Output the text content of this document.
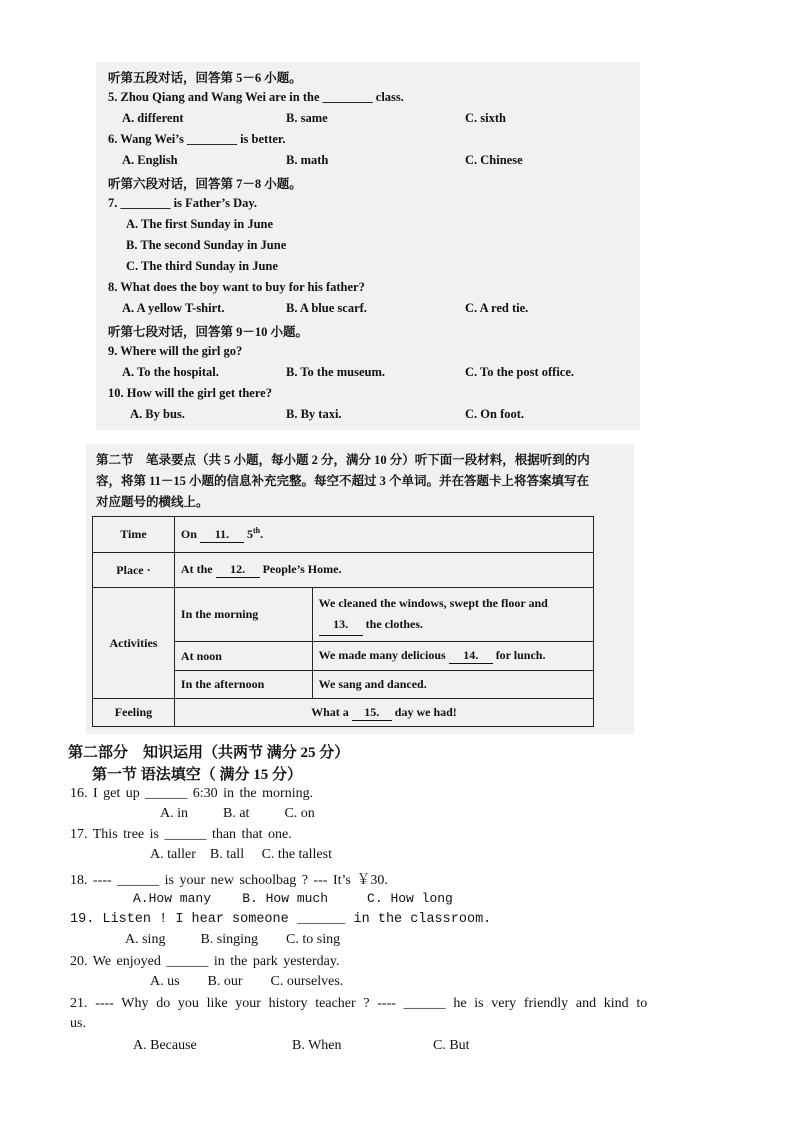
听第五段对话，回答第 5－6 小题。
5. Zhou Qiang and Wang Wei are in the ________ class.
A. different	B. same	C. sixth
6. Wang Wei’s ________ is better.
A. English	B. math	C. Chinese
听第六段对话，回答第 7－8 小题。
7. ________ is Father’s Day.
A. The first Sunday in June
B. The second Sunday in June
C. The third Sunday in June
8. What does the boy want to buy for his father?
A. A yellow T-shirt.	B. A blue scarf.	C. A red tie.
听第七段对话，回答第 9－10 小题。
9. Where will the girl go?
A. To the hospital.	B. To the museum.	C. To the post office.
10. How will the girl get there?
A. By bus.	B. By taxi.	C. On foot.
第二节　笔录要点（共 5 小题，每小题 2 分，满分 10 分）听下面一段材料，根据听到的内
容，将第 11－15 小题的信息补充完整。每空不超过 3 个单词。并在答题卡上将答案填写在
对应题号的横线上。
Time	On 11. 5th.	
Place ·	At the 12. People’s Home.	
Activities	In the morning	We cleaned the windows, swept the floor and
13. the clothes.
	At noon	We made many delicious 14. for lunch.
	In the afternoon	We sang and danced.
Feeling	What a 15. day we had!	
第二部分　知识运用（共两节 满分 25 分）
第一节 语法填空（ 满分 15 分）
16. I get up ______ 6:30 in the morning.
A. in          B. at          C. on
17. This tree is ______ than that one.
A. taller    B. tall     C. the tallest
18. ---- ______ is your new schoolbag ? --- It’s ￥30.
A.How many    B. How much     C. How long
19. Listen ! I hear someone ______ in the classroom.
A. sing          B. singing        C. to sing
20. We enjoyed ______ in the park yesterday.
A. us        B. our        C. ourselves.
21. ---- Why do you like your history teacher ? ---- ______ he is very friendly and kind to
us.
A. Because	B. When	C. But
